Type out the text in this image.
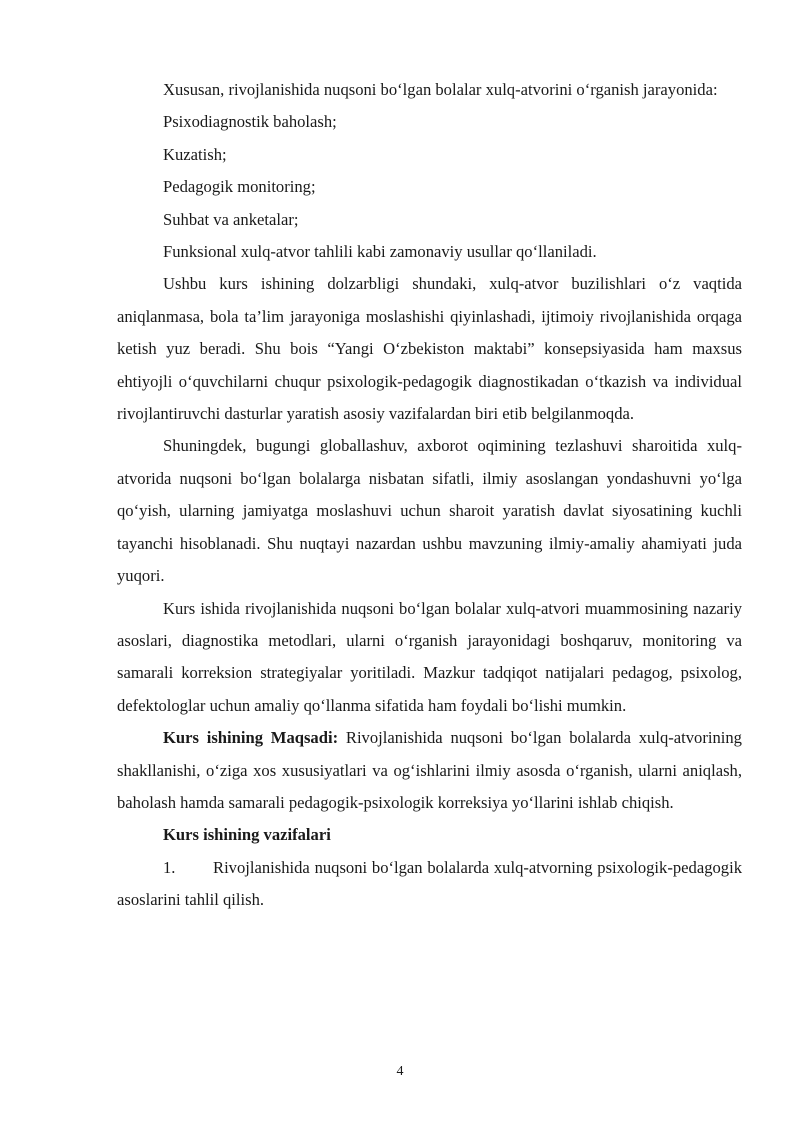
Xususan, rivojlanishida nuqsoni bo‘lgan bolalar xulq-atvorini o‘rganish jarayonida:

Psixodiagnostik baholash;

Kuzatish;

Pedagogik monitoring;

Suhbat va anketalar;

Funksional xulq-atvor tahlili kabi zamonaviy usullar qo‘llaniladi.

Ushbu kurs ishining dolzarbligi shundaki, xulq-atvor buzilishlari o‘z vaqtida aniqlanmasa, bola ta’lim jarayoniga moslashishi qiyinlashadi, ijtimoiy rivojlanishida orqaga ketish yuz beradi. Shu bois “Yangi O‘zbekiston maktabi” konsepsiyasida ham maxsus ehtiyojli o‘quvchilarni chuqur psixologik-pedagogik diagnostikadan o‘tkazish va individual rivojlantiruvchi dasturlar yaratish asosiy vazifalardan biri etib belgilanmoqda.

Shuningdek, bugungi globallashuv, axborot oqimining tezlashuvi sharoitida xulq-atvorida nuqsoni bo‘lgan bolalarga nisbatan sifatli, ilmiy asoslangan yondashuvni yo‘lga qo‘yish, ularning jamiyatga moslashuvi uchun sharoit yaratish davlat siyosatining kuchli tayanchi hisoblanadi. Shu nuqtayi nazardan ushbu mavzuning ilmiy-amaliy ahamiyati juda yuqori.

Kurs ishida rivojlanishida nuqsoni bo‘lgan bolalar xulq-atvori muammosining nazariy asoslari, diagnostika metodlari, ularni o‘rganish jarayonidagi boshqaruv, monitoring va samarali korreksion strategiyalar yoritiladi. Mazkur tadqiqot natijalari pedagog, psixolog, defektologlar uchun amaliy qo‘llanma sifatida ham foydali bo‘lishi mumkin.

Kurs ishining Maqsadi: Rivojlanishida nuqsoni bo‘lgan bolalarda xulq-atvorining shakllanishi, o‘ziga xos xususiyatlari va og‘ishlarini ilmiy asosda o‘rganish, ularni aniqlash, baholash hamda samarali pedagogik-psixologik korreksiya yo‘llarini ishlab chiqish.

Kurs ishining vazifalari

1. Rivojlanishida nuqsoni bo‘lgan bolalarda xulq-atvorning psixologik-pedagogik asoslarini tahlil qilish.

4
